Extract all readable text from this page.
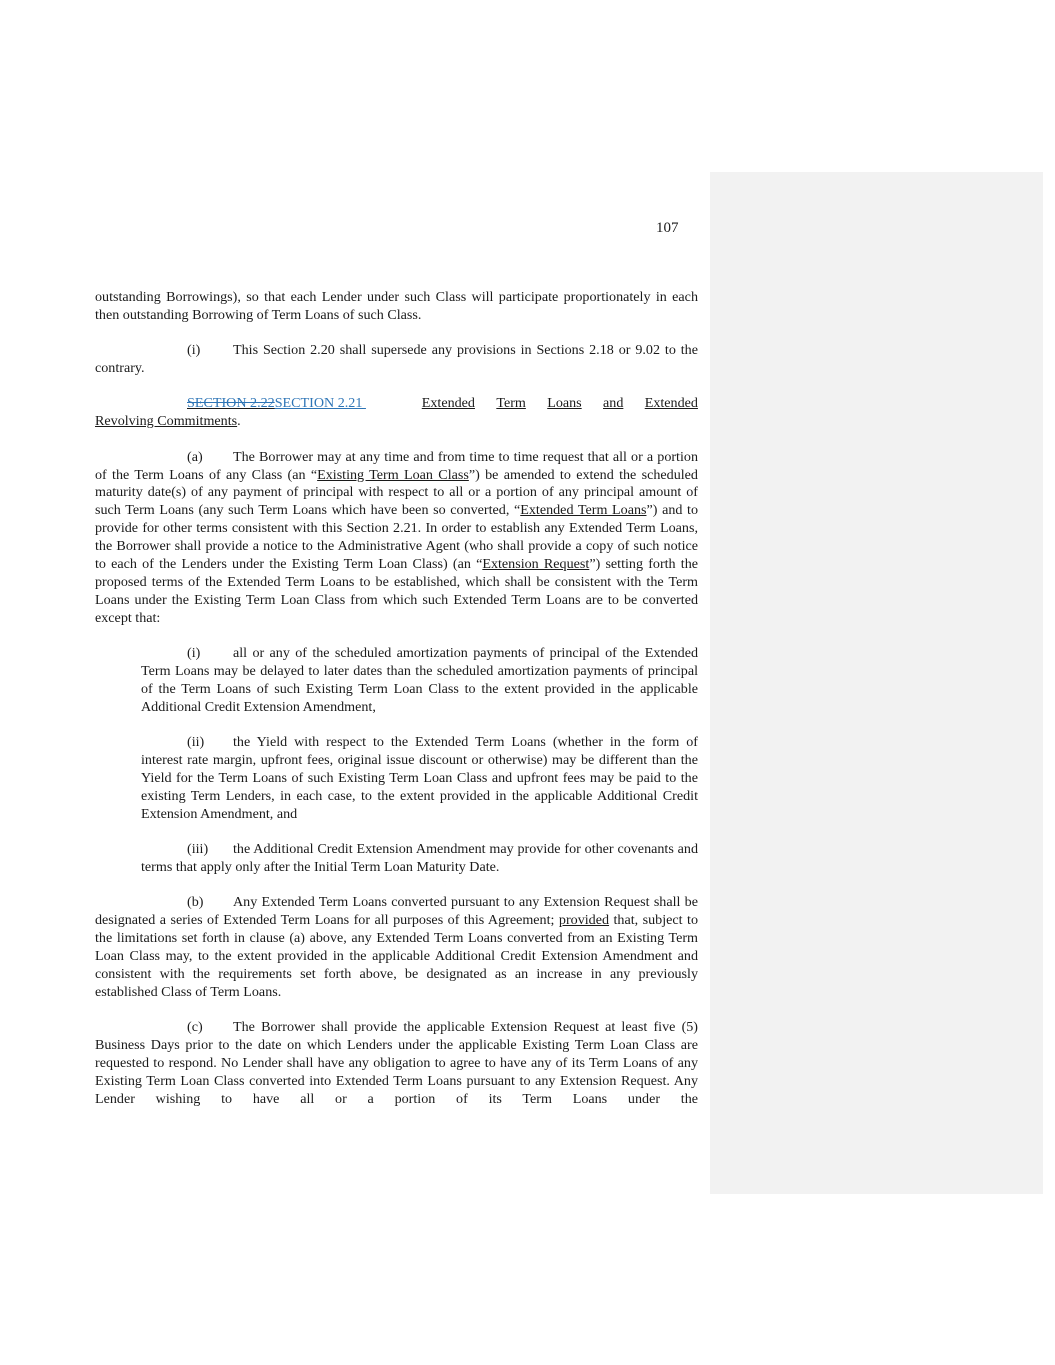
107

outstanding Borrowings), so that each Lender under such Class will participate proportionately in each then outstanding Borrowing of Term Loans of such Class.

(i) This Section 2.20 shall supersede any provisions in Sections 2.18 or 9.02 to the contrary.

SECTION 2.22SECTION 2.21	Extended Term Loans and Extended
Revolving Commitments.

(a) The Borrower may at any time and from time to time request that all or a portion of the Term Loans of any Class (an “Existing Term Loan Class”) be amended to extend the scheduled maturity date(s) of any payment of principal with respect to all or a portion of any principal amount of such Term Loans (any such Term Loans which have been so converted, “Extended Term Loans”) and to provide for other terms consistent with this Section 2.21. In order to establish any Extended Term Loans, the Borrower shall provide a notice to the Administrative Agent (who shall provide a copy of such notice to each of the Lenders under the Existing Term Loan Class) (an “Extension Request”) setting forth the proposed terms of the Extended Term Loans to be established, which shall be consistent with the Term Loans under the Existing Term Loan Class from which such Extended Term Loans are to be converted except that:

(i) all or any of the scheduled amortization payments of principal of the Extended Term Loans may be delayed to later dates than the scheduled amortization payments of principal of the Term Loans of such Existing Term Loan Class to the extent provided in the applicable Additional Credit Extension Amendment,

(ii) the Yield with respect to the Extended Term Loans (whether in the form of interest rate margin, upfront fees, original issue discount or otherwise) may be different than the Yield for the Term Loans of such Existing Term Loan Class and upfront fees may be paid to the existing Term Lenders, in each case, to the extent provided in the applicable Additional Credit Extension Amendment, and

(iii) the Additional Credit Extension Amendment may provide for other covenants and terms that apply only after the Initial Term Loan Maturity Date.

(b) Any Extended Term Loans converted pursuant to any Extension Request shall be designated a series of Extended Term Loans for all purposes of this Agreement; provided that, subject to the limitations set forth in clause (a) above, any Extended Term Loans converted from an Existing Term Loan Class may, to the extent provided in the applicable Additional Credit Extension Amendment and consistent with the requirements set forth above, be designated as an increase in any previously established Class of Term Loans.

(c) The Borrower shall provide the applicable Extension Request at least five (5) Business Days prior to the date on which Lenders under the applicable Existing Term Loan Class are requested to respond. No Lender shall have any obligation to agree to have any of its Term Loans of any Existing Term Loan Class converted into Extended Term Loans pursuant to any Extension Request. Any Lender wishing to have all or a portion of its Term Loans under the
